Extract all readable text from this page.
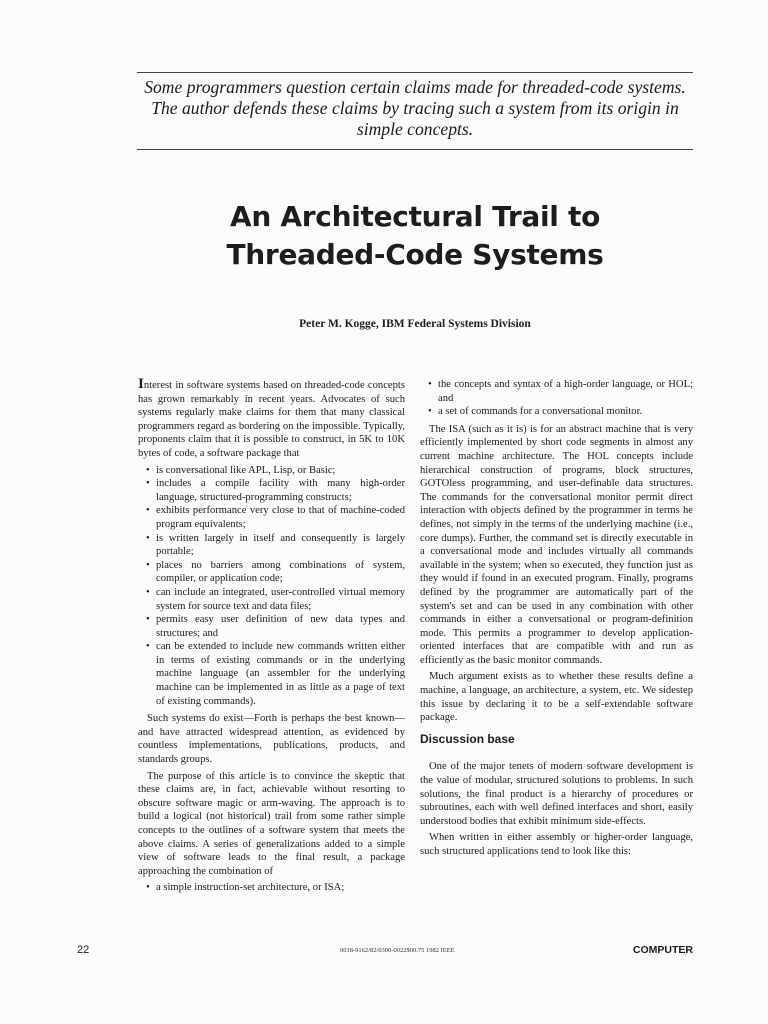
Some programmers question certain claims made for threaded-code systems. The author defends these claims by tracing such a system from its origin in simple concepts.

An Architectural Trail to
Threaded-Code Systems

Peter M. Kogge, IBM Federal Systems Division

Interest in software systems based on threaded-code concepts has grown remarkably in recent years. Advocates of such systems regularly make claims for them that many classical programmers regard as bordering on the impossible. Typically, proponents claim that it is possible to construct, in 5K to 10K bytes of code, a software package that

• is conversational like APL, Lisp, or Basic;
• includes a compile facility with many high-order language, structured-programming constructs;
• exhibits performance very close to that of machine-coded program equivalents;
• is written largely in itself and consequently is largely portable;
• places no barriers among combinations of system, compiler, or application code;
• can include an integrated, user-controlled virtual memory system for source text and data files;
• permits easy user definition of new data types and structures; and
• can be extended to include new commands written either in terms of existing commands or in the underlying machine language (an assembler for the underlying machine can be implemented in as little as a page of text of existing commands).

Such systems do exist—Forth is perhaps the best known—and have attracted widespread attention, as evidenced by countless implementations, publications, products, and standards groups.

The purpose of this article is to convince the skeptic that these claims are, in fact, achievable without resorting to obscure software magic or arm-waving. The approach is to build a logical (not historical) trail from some rather simple concepts to the outlines of a software system that meets the above claims. A series of generalizations added to a simple view of software leads to the final result, a package approaching the combination of

• a simple instruction-set architecture, or ISA;
• the concepts and syntax of a high-order language, or HOL; and
• a set of commands for a conversational monitor.

The ISA (such as it is) is for an abstract machine that is very efficiently implemented by short code segments in almost any current machine architecture. The HOL concepts include hierarchical construction of programs, block structures, GOTOless programming, and user-definable data structures. The commands for the conversational monitor permit direct interaction with objects defined by the programmer in terms he defines, not simply in the terms of the underlying machine (i.e., core dumps). Further, the command set is directly executable in a conversational mode and includes virtually all commands available in the system; when so executed, they function just as they would if found in an executed program. Finally, programs defined by the programmer are automatically part of the system's set and can be used in any combination with other commands in either a conversational or program-definition mode. This permits a programmer to develop application-oriented interfaces that are compatible with and run as efficiently as the basic monitor commands.

Much argument exists as to whether these results define a machine, a language, an architecture, a system, etc. We sidestep this issue by declaring it to be a self-extendable software package.

Discussion base

One of the major tenets of modern software development is the value of modular, structured solutions to problems. In such solutions, the final product is a hierarchy of procedures or subroutines, each with well defined interfaces and short, easily understood bodies that exhibit minimum side-effects.

When written in either assembly or higher-order language, such structured applications tend to look like this:

22	0018-9162/82/0300-0022$00.75 1982 IEEE	COMPUTER
